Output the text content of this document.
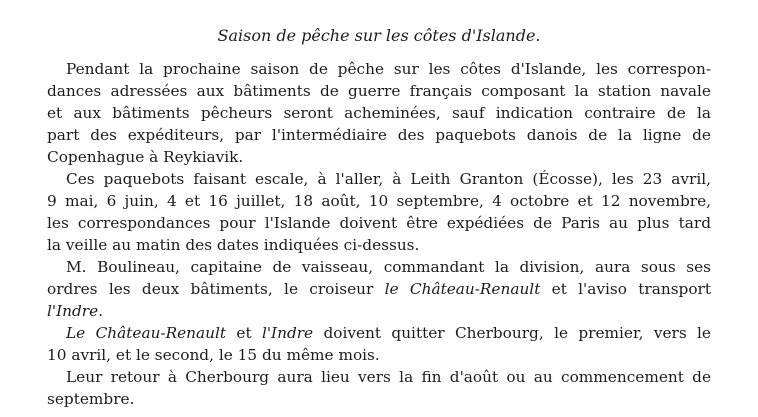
Saison de pêche sur les côtes d'Islande.
Pendant la prochaine saison de pêche sur les côtes d'Islande, les correspon-
dances adressées aux bâtiments de guerre français composant la station navale
et aux bâtiments pêcheurs seront acheminées, sauf indication contraire de la
part des expéditeurs, par l'intermédiaire des paquebots danois de la ligne de
Copenhague à Reykiavik.
Ces paquebots faisant escale, à l'aller, à Leith Granton (Écosse), les 23 avril,
9 mai, 6 juin, 4 et 16 juillet, 18 août, 10 septembre, 4 octobre et 12 novembre,
les correspondances pour l'Islande doivent être expédiées de Paris au plus tard
la veille au matin des dates indiquées ci-dessus.
M. Boulineau, capitaine de vaisseau, commandant la division, aura sous ses
ordres les deux bâtiments, le croiseur le Château-Renault et l'aviso transport
l'Indre.
Le Château-Renault et l'Indre doivent quitter Cherbourg, le premier, vers le
10 avril, et le second, le 15 du même mois.
Leur retour à Cherbourg aura lieu vers la fin d'août ou au commencement de
septembre.
